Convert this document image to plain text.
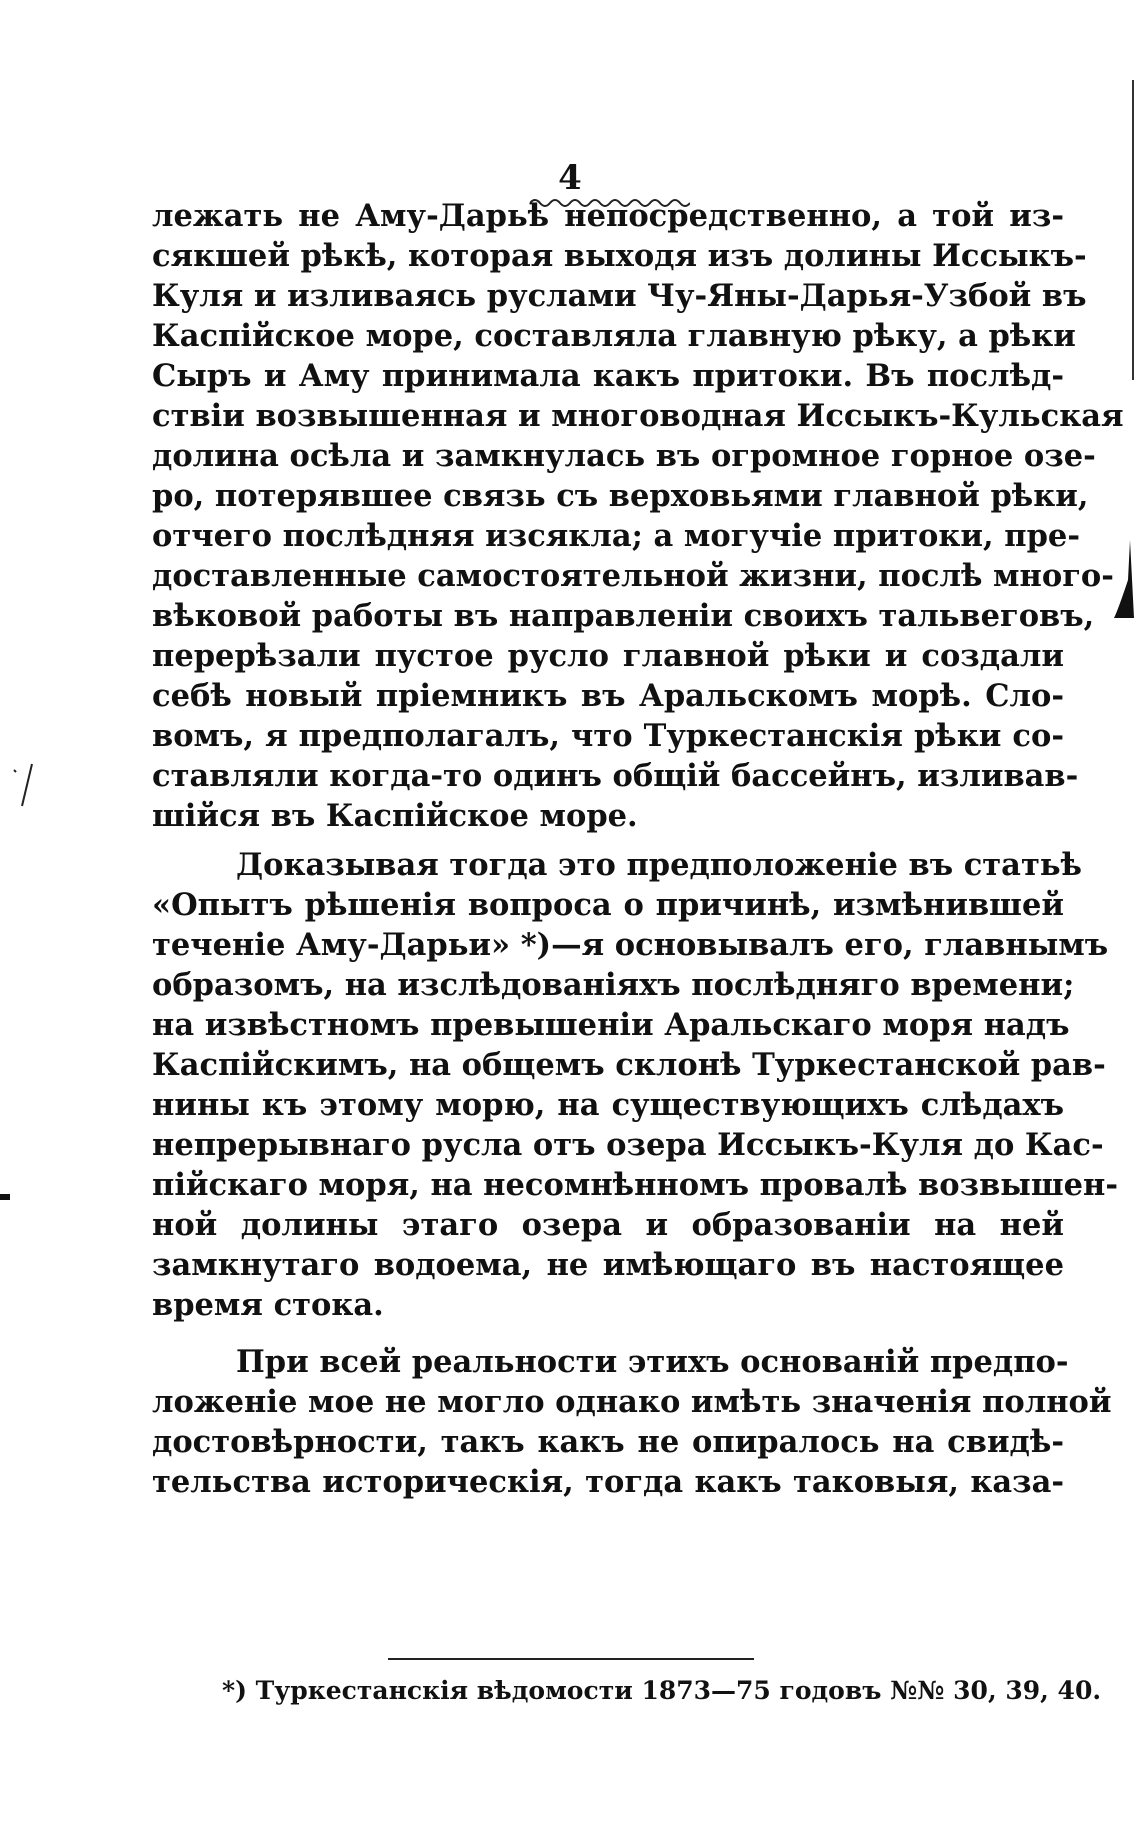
4
лежать не Аму-Дарьѣ непосредственно, а той из-
сякшей рѣкѣ, которая выходя изъ долины Иссыкъ-
Куля и изливаясь руслами Чу-Яны-Дарья-Узбой въ
Каспійское море, составляла главную рѣку, а рѣки
Сыръ и Аму принимала какъ притоки. Въ послѣд-
ствіи возвышенная и многоводная Иссыкъ-Кульская
долина осѣла и замкнулась въ огромное горное озе-
ро, потерявшее связь съ верховьями главной рѣки,
отчего послѣдняя изсякла; а могучіе притоки, пре-
доставленные самостоятельной жизни, послѣ много-
вѣковой работы въ направленіи своихъ тальвеговъ,
перерѣзали пустое русло главной рѣки и создали
себѣ новый пріемникъ въ Аральскомъ морѣ. Сло-
вомъ, я предполагалъ, что Туркестанскія рѣки со-
ставляли когда-то одинъ общій бассейнъ, изливав-
шійся въ Каспійское море.
Доказывая тогда это предположеніе въ статьѣ
«Опытъ рѣшенія вопроса о причинѣ, измѣнившей
теченіе Аму-Дарьи» *)—я основывалъ его, главнымъ
образомъ, на изслѣдованіяхъ послѣдняго времени;
на извѣстномъ превышеніи Аральскаго моря надъ
Каспійскимъ, на общемъ склонѣ Туркестанской рав-
нины къ этому морю, на существующихъ слѣдахъ
непрерывнаго русла отъ озера Иссыкъ-Куля до Кас-
пійскаго моря, на несомнѣнномъ провалѣ возвышен-
ной долины этаго озера и образованіи на ней
замкнутаго водоема, не имѣющаго въ настоящее
время стока.
При всей реальности этихъ основаній предпо-
ложеніе мое не могло однако имѣть значенія полной
достовѣрности, такъ какъ не опиралось на свидѣ-
тельства историческія, тогда какъ таковыя, каза-
*) Туркестанскія вѣдомости 1873—75 годовъ №№ 30, 39, 40.
